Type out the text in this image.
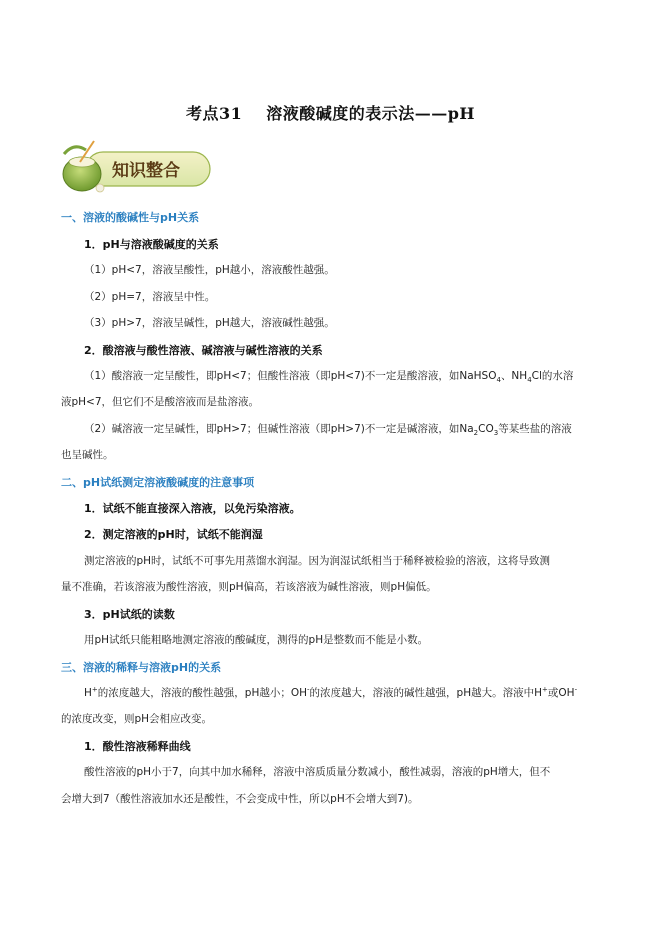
考点31 溶液酸碱度的表示法——pH
知识整合
一、溶液的酸碱性与pH关系
1．pH与溶液酸碱度的关系
（1）pH<7，溶液呈酸性，pH越小，溶液酸性越强。
（2）pH=7，溶液呈中性。
（3）pH>7，溶液呈碱性，pH越大，溶液碱性越强。
2．酸溶液与酸性溶液、碱溶液与碱性溶液的关系
（1）酸溶液一定呈酸性，即pH<7；但酸性溶液（即pH<7)不一定是酸溶液，如NaHSO$_4$、$NH_4Cl$的水溶
液pH<7，但它们不是酸溶液而是盐溶液。
（2）碱溶液一定呈碱性，即pH>7；但碱性溶液（即pH>7)不一定是碱溶液，如$Na_2CO_3$等某些盐的溶液
也呈碱性。
二、pH试纸测定溶液酸碱度的注意事项
1．试纸不能直接深入溶液，以免污染溶液。
2．测定溶液的pH时，试纸不能润湿
测定溶液的pH时，试纸不可事先用蒸馏水润湿。因为润湿试纸相当于稀释被检验的溶液，这将导致测
量不准确，若该溶液为酸性溶液，则pH偏高，若该溶液为碱性溶液，则pH偏低。
3．pH试纸的读数
用pH试纸只能粗略地测定溶液的酸碱度，测得的pH是整数而不能是小数。
三、溶液的稀释与溶液pH的关系
H+的浓度越大，溶液的酸性越强，pH越小；OH-的浓度越大，溶液的碱性越强，pH越大。溶液中H+或OH-
的浓度改变，则pH会相应改变。
1．酸性溶液稀释曲线
酸性溶液的pH小于7，向其中加水稀释，溶液中溶质质量分数减小，酸性减弱，溶液的pH增大，但不
会增大到7（酸性溶液加水还是酸性，不会变成中性，所以pH不会增大到7)。
